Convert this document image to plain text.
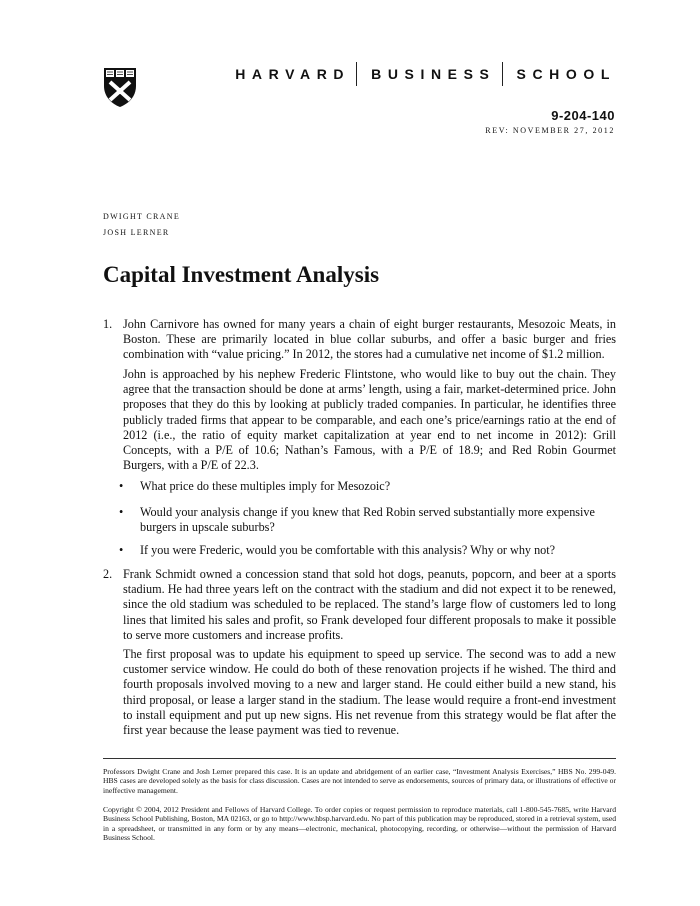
HARVARD BUSINESS SCHOOL
9-204-140
REV: NOVEMBER 27, 2012
DWIGHT CRANE
JOSH LERNER
Capital Investment Analysis

1. John Carnivore has owned for many years a chain of eight burger restaurants, Mesozoic Meats, in Boston. These are primarily located in blue collar suburbs, and offer a basic burger and fries combination with “value pricing.” In 2012, the stores had a cumulative net income of $1.2 million.

John is approached by his nephew Frederic Flintstone, who would like to buy out the chain. They agree that the transaction should be done at arms’ length, using a fair, market-determined price. John proposes that they do this by looking at publicly traded companies. In particular, he identifies three publicly traded firms that appear to be comparable, and each one’s price/earnings ratio at the end of 2012 (i.e., the ratio of equity market capitalization at year end to net income in 2012): Grill Concepts, with a P/E of 10.6; Nathan’s Famous, with a P/E of 18.9; and Red Robin Gourmet Burgers, with a P/E of 22.3.

• What price do these multiples imply for Mesozoic?
• Would your analysis change if you knew that Red Robin served substantially more expensive burgers in upscale suburbs?
• If you were Frederic, would you be comfortable with this analysis? Why or why not?

2. Frank Schmidt owned a concession stand that sold hot dogs, peanuts, popcorn, and beer at a sports stadium. He had three years left on the contract with the stadium and did not expect it to be renewed, since the old stadium was scheduled to be replaced. The stand’s large flow of customers led to long lines that limited his sales and profit, so Frank developed four different proposals to make it possible to serve more customers and increase profits.

The first proposal was to update his equipment to speed up service. The second was to add a new customer service window. He could do both of these renovation projects if he wished. The third and fourth proposals involved moving to a new and larger stand. He could either build a new stand, his third proposal, or lease a larger stand in the stadium. The lease would require a front-end investment to install equipment and put up new signs. His net revenue from this strategy would be flat after the first year because the lease payment was tied to revenue.

Professors Dwight Crane and Josh Lerner prepared this case. It is an update and abridgement of an earlier case, “Investment Analysis Exercises,” HBS No. 299-049. HBS cases are developed solely as the basis for class discussion. Cases are not intended to serve as endorsements, sources of primary data, or illustrations of effective or ineffective management.
Copyright © 2004, 2012 President and Fellows of Harvard College. To order copies or request permission to reproduce materials, call 1-800-545-7685, write Harvard Business School Publishing, Boston, MA 02163, or go to http://www.hbsp.harvard.edu. No part of this publication may be reproduced, stored in a retrieval system, used in a spreadsheet, or transmitted in any form or by any means—electronic, mechanical, photocopying, recording, or otherwise—without the permission of Harvard Business School.
